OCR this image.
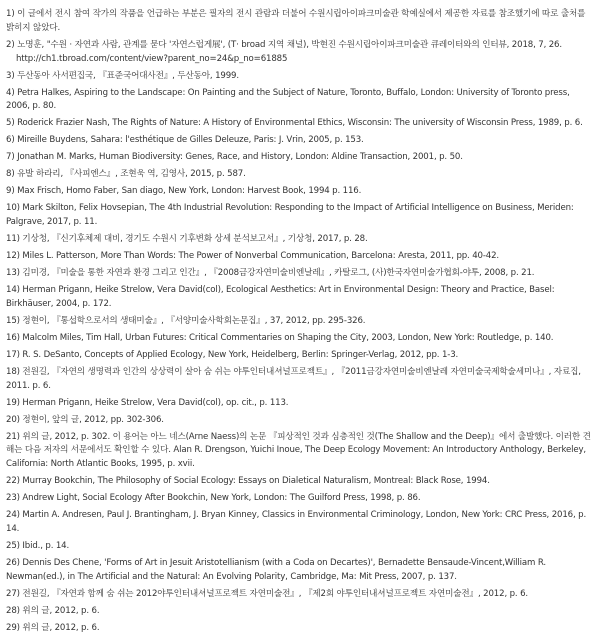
1) 이 글에서 전시 참여 작가의 작품을 언급하는 부분은 필자의 전시 관람과 더불어 수원시립아이파크미술관 학예실에서 제공한 자료를 참조했기에 따로 출처를 밝히지 않았다.

2) 노명훈, "수원 · 자연과 사람, 관계를 묻다 '자연스럽게展', (T· broad 지역 채널), 박현진 수원시립아이파크미술관 큐레이터와의 인터뷰, 2018, 7, 26.
http://ch1.tbroad.com/content/view?parent_no=24&p_no=61885

3) 두산동아 사서편집국, 『표준국어대사전』, 두산동아, 1999.

4) Petra Halkes, Aspiring to the Landscape: On Painting and the Subject of Nature, Toronto, Buffalo, London: University of Toronto press, 2006, p. 80.

5) Roderick Frazier Nash, The Rights of Nature: A History of Environmental Ethics, Wisconsin: The university of Wisconsin Press, 1989, p. 6.

6) Mireille Buydens, Sahara: l'esthétique de Gilles Deleuze, Paris: J. Vrin, 2005, p. 153.

7) Jonathan M. Marks, Human Biodiversity: Genes, Race, and History, London: Aldine Transaction, 2001, p. 50.

8) 유발 하라리, 『사피엔스』, 조현욱 역, 김영사, 2015, p. 587.

9) Max Frisch, Homo Faber, San diago, New York, London: Harvest Book, 1994 p. 116.

10) Mark Skilton, Felix Hovsepian, The 4th Industrial Revolution: Responding to the Impact of Artificial Intelligence on Business, Meriden: Palgrave, 2017, p. 11.

11) 기상청, 『신기후체제 대비, 경기도 수원시 기후변화 상세 분석보고서』, 기상청, 2017, p. 28.

12) Miles L. Patterson, More Than Words: The Power of Nonverbal Communication, Barcelona: Aresta, 2011, pp. 40-42.

13) 김미경, 『미술을 통한 자연과 환경 그리고 인간』, 『2008금강자연미술비엔날레』, 카탈로그, (사)한국자연미술가협회-야투, 2008, p. 21.

14) Herman Prigann, Heike Strelow, Vera David(col), Ecological Aesthetics: Art in Environmental Design: Theory and Practice, Basel: Birkhäuser, 2004, p. 172.

15) 정현이, 『통섭학으로서의 생태미술』, 『서양미술사학회논문집』, 37, 2012, pp. 295-326.

16) Malcolm Miles, Tim Hall, Urban Futures: Critical Commentaries on Shaping the City, 2003, London, New York: Routledge, p. 140.

17) R. S. DeSanto, Concepts of Applied Ecology, New York, Heidelberg, Berlin: Springer-Verlag, 2012, pp. 1-3.

18) 전원길, 『자연의 생명력과 인간의 상상력이 살아 숨 쉬는 야투인터내셔널프로젝트』, 『2011금강자연미술비엔날레 자연미술국제학술세미나』, 자료집, 2011. p. 6.

19) Herman Prigann, Heike Strelow, Vera David(col), op. cit., p. 113.

20) 정현이, 앞의 글, 2012, pp. 302-306.

21) 위의 글, 2012, p. 302. 이 용어는 아느 네스(Arne Naess)의 논문 『피상적인 것과 심층적인 것(The Shallow and the Deep)』에서 출발했다. 이러한 견해는 다음 저자의 서문에서도 확인할 수 있다. Alan R. Drengson, Yuichi Inoue, The Deep Ecology Movement: An Introductory Anthology, Berkeley, California: North Atlantic Books, 1995, p. xvii.

22) Murray Bookchin, The Philosophy of Social Ecology: Essays on Dialetical Naturalism, Montreal: Black Rose, 1994.

23) Andrew Light, Social Ecology After Bookchin, New York, London: The Guilford Press, 1998, p. 86.

24) Martin A. Andresen, Paul J. Brantingham, J. Bryan Kinney, Classics in Environmental Criminology, London, New York: CRC Press, 2016, p. 14.

25) Ibid., p. 14.

26) Dennis Des Chene, 'Forms of Art in Jesuit Aristotellianism (with a Coda on Decartes)', Bernadette Bensaude-Vincent,William R. Newman(ed.), in The Artificial and the Natural: An Evolving Polarity, Cambridge, Ma: Mit Press, 2007, p. 137.

27) 전원길, 『자연과 함께 숨 쉬는 2012야투인터내셔널프로젝트 자연미술전』, 『제2회 야투인터내셔널프로젝트 자연미술전』, 2012, p. 6.

28) 위의 글, 2012, p. 6.

29) 위의 글, 2012, p. 6.
